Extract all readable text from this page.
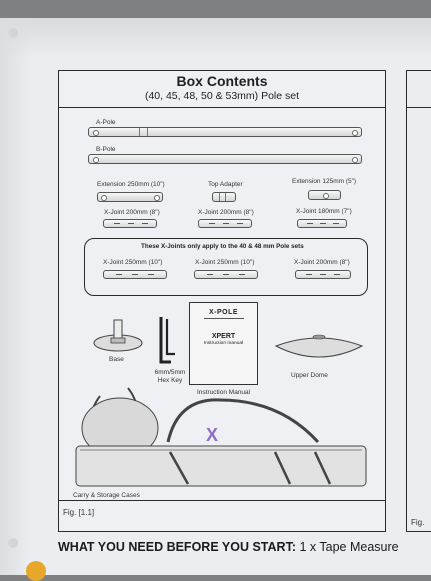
Box Contents
(40, 45, 48, 50 & 53mm) Pole set
A-Pole
B-Pole
Extension 250mm (10")	Top Adapter	Extension 125mm (5")
X-Joint 200mm (8")	X-Joint 200mm (8")	X-Joint 180mm (7")
These X-Joints only apply to the 40 & 48 mm Pole sets
X-Joint 250mm (10")	X-Joint 250mm (10")	X-Joint 200mm (8")
Base
6mm/5mm Hex Key
X-POLE
XPERT
Instruction manual
Instruction Manual
Upper Dome
X
Carry & Storage Cases
Fig. [1.1]
Fig.
WHAT YOU NEED BEFORE YOU START: 1 x Tape Measure
